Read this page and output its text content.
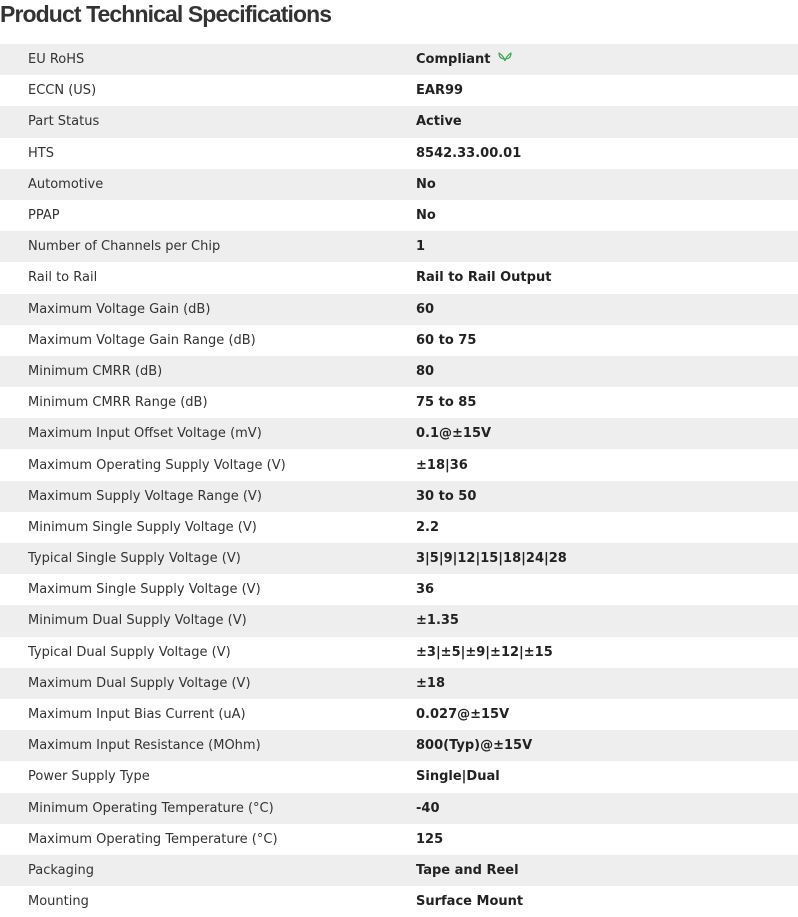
Product Technical Specifications
EU RoHS	Compliant
ECCN (US)	EAR99
Part Status	Active
HTS	8542.33.00.01
Automotive	No
PPAP	No
Number of Channels per Chip	1
Rail to Rail	Rail to Rail Output
Maximum Voltage Gain (dB)	60
Maximum Voltage Gain Range (dB)	60 to 75
Minimum CMRR (dB)	80
Minimum CMRR Range (dB)	75 to 85
Maximum Input Offset Voltage (mV)	0.1@±15V
Maximum Operating Supply Voltage (V)	±18|36
Maximum Supply Voltage Range (V)	30 to 50
Minimum Single Supply Voltage (V)	2.2
Typical Single Supply Voltage (V)	3|5|9|12|15|18|24|28
Maximum Single Supply Voltage (V)	36
Minimum Dual Supply Voltage (V)	±1.35
Typical Dual Supply Voltage (V)	±3|±5|±9|±12|±15
Maximum Dual Supply Voltage (V)	±18
Maximum Input Bias Current (uA)	0.027@±15V
Maximum Input Resistance (MOhm)	800(Typ)@±15V
Power Supply Type	Single|Dual
Minimum Operating Temperature (°C)	-40
Maximum Operating Temperature (°C)	125
Packaging	Tape and Reel
Mounting	Surface Mount
